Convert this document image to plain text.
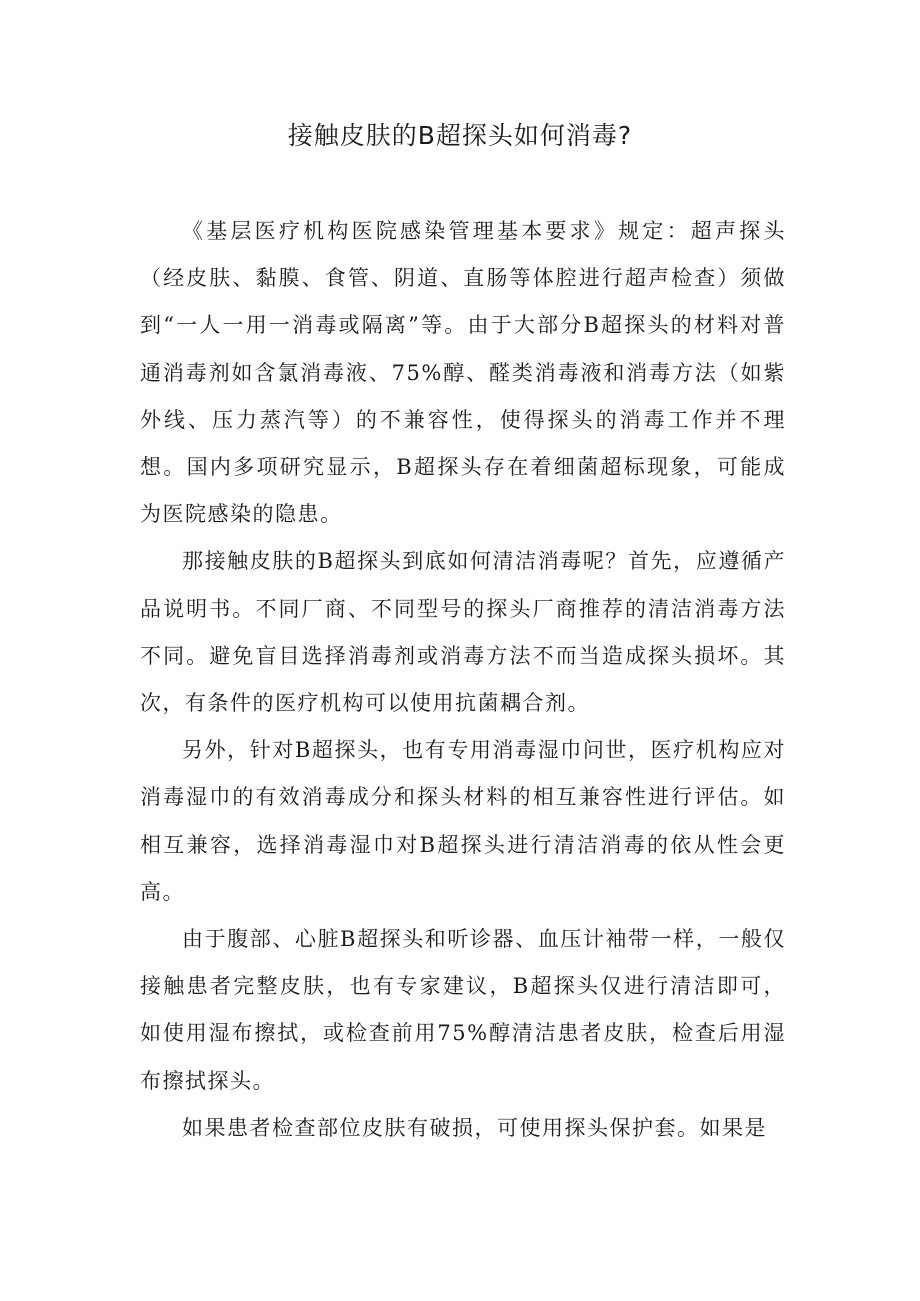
接触皮肤的B超探头如何消毒?

《基层医疗机构医院感染管理基本要求》规定：超声探头（经皮肤、黏膜、食管、阴道、直肠等体腔进行超声检查）须做到“一人一用一消毒或隔离”等。由于大部分B超探头的材料对普通消毒剂如含氯消毒液、75%醇、醛类消毒液和消毒方法（如紫外线、压力蒸汽等）的不兼容性，使得探头的消毒工作并不理想。国内多项研究显示，B超探头存在着细菌超标现象，可能成为医院感染的隐患。

那接触皮肤的B超探头到底如何清洁消毒呢？首先，应遵循产品说明书。不同厂商、不同型号的探头厂商推荐的清洁消毒方法不同。避免盲目选择消毒剂或消毒方法不而当造成探头损坏。其次，有条件的医疗机构可以使用抗菌耦合剂。

另外，针对B超探头，也有专用消毒湿巾问世，医疗机构应对消毒湿巾的有效消毒成分和探头材料的相互兼容性进行评估。如相互兼容，选择消毒湿巾对B超探头进行清洁消毒的依从性会更高。

由于腹部、心脏B超探头和听诊器、血压计袖带一样，一般仅接触患者完整皮肤，也有专家建议，B超探头仅进行清洁即可，如使用湿布擦拭，或检查前用75%醇清洁患者皮肤，检查后用湿布擦拭探头。

如果患者检查部位皮肤有破损，可使用探头保护套。如果是
